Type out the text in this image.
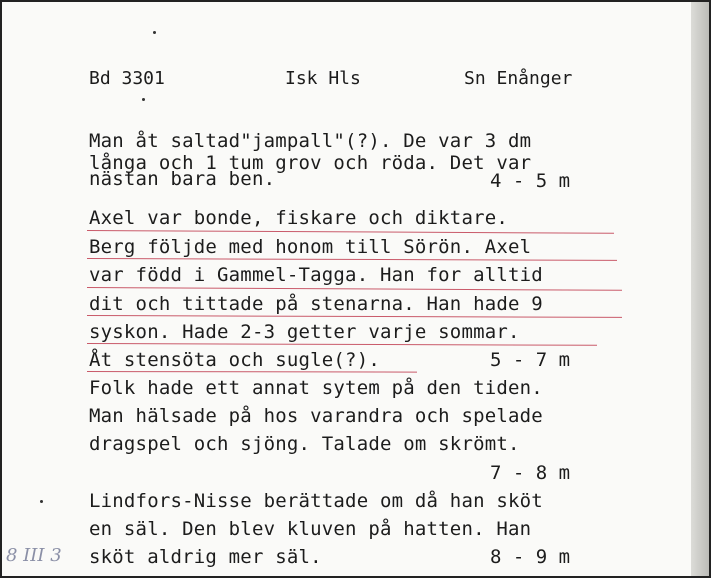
Bd 3301	Isk Hls	Sn Enånger
Man åt saltad"jampall"(?). De var 3 dm
långa och 1 tum grov och röda. Det var
nästan bara ben.	4 - 5 m
Axel var bonde, fiskare och diktare.
Berg följde med honom till Sörön. Axel
var född i Gammel-Tagga. Han for alltid
dit och tittade på stenarna. Han hade 9
syskon. Hade 2-3 getter varje sommar.
Åt stensöta och sugle(?).	5 - 7 m
Folk hade ett annat sytem på den tiden.
Man hälsade på hos varandra och spelade
dragspel och sjöng. Talade om skrömt.
7 - 8 m
Lindfors-Nisse berättade om då han sköt
en säl. Den blev kluven på hatten. Han
sköt aldrig mer säl.	8 - 9 m
8 III 3
